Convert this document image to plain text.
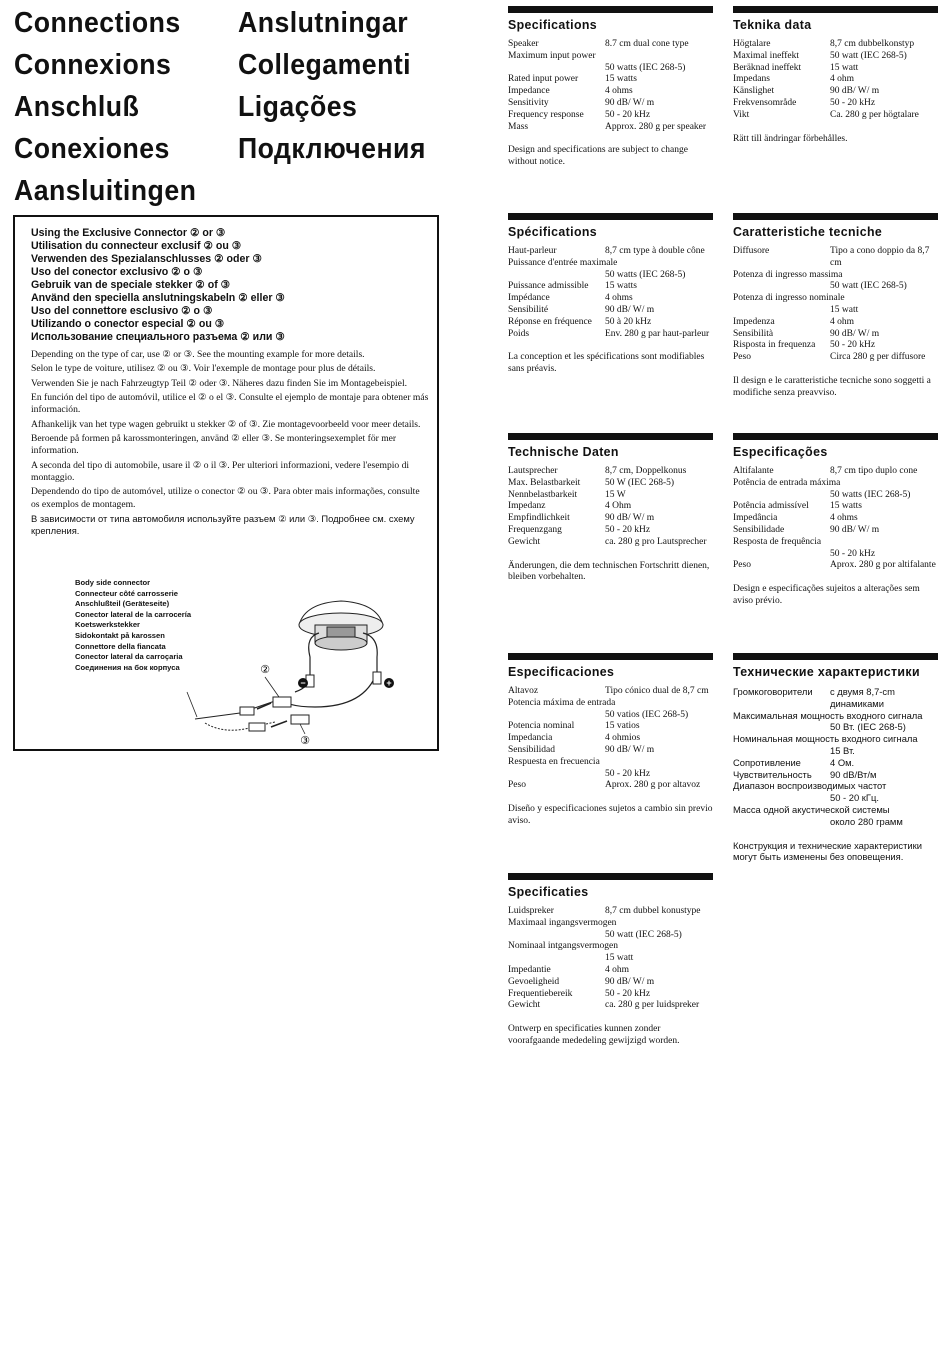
Connections
Connexions
Anschluß
Conexiones
Aansluitingen
Anslutningar
Collegamenti
Ligações
Подключения
Using the Exclusive Connector ② or ③
Utilisation du connecteur exclusif ② ou ③
Verwenden des Spezialanschlusses ② oder ③
Uso del conector exclusivo ② o ③
Gebruik van de speciale stekker ② of ③
Använd den speciella anslutningskabeln ② eller ③
Uso del connettore esclusivo ② o ③
Utilizando o conector especial ② ou ③
Использование специального разъема ② или ③

Depending on the type of car, use ② or ③. See the mounting example for more details.

Selon le type de voiture, utilisez ② ou ③. Voir l'exemple de montage pour plus de détails.

Verwenden Sie je nach Fahrzeugtyp Teil ② oder ③. Näheres dazu finden Sie im Montagebeispiel.

En función del tipo de automóvil, utilice el ② o el ③. Consulte el ejemplo de montaje para obtener más información.

Afhankelijk van het type wagen gebruikt u stekker ② of ③. Zie montagevoorbeeld voor meer details.

Beroende på formen på karossmonteringen, använd ② eller ③. Se monteringsexemplet för mer information.

A seconda del tipo di automobile, usare il ② o il ③. Per ulteriori informazioni, vedere l'esempio di montaggio.

Dependendo do tipo de automóvel, utilize o conector ② ou ③. Para obter mais informações, consulte os exemplos de montagem.

В зависимости от типа автомобиля используйте разъем ② или ③. Подробнее см. схему крепления.

Body side connector
Connecteur côté carrosserie
Anschlußteil (Geräteseite)
Conector lateral de la carrocería
Koetswerkstekker
Sidokontakt på karossen
Connettore della fiancata
Conector lateral da carroçaria
Соединения на бок корпуса
−	+
②
③
Specifications
Speaker	8.7 cm dual cone type
Maximum input power
50 watts (IEC 268-5)
Rated input power	15 watts
Impedance	4 ohms
Sensitivity	90 dB/ W/ m
Frequency response	50 - 20 kHz
Mass	Approx. 280 g per speaker
Design and specifications are subject to change without notice.
Teknika data
Högtalare	8,7 cm dubbelkonstyp
Maximal ineffekt	50 watt (IEC 268-5)
Beräknad ineffekt	15 watt
Impedans	4 ohm
Känslighet	90 dB/ W/ m
Frekvensområde	50 - 20 kHz
Vikt	Ca. 280 g per högtalare
Rätt till ändringar förbehålles.
Spécifications
Haut-parleur	8,7 cm type à double cône
Puissance d'entrée maximale
50 watts (IEC 268-5)
Puissance admissible	15 watts
Impédance	4 ohms
Sensibilité	90 dB/ W/ m
Réponse en fréquence	50 à 20 kHz
Poids	Env. 280 g par haut-parleur
La conception et les spécifications sont modifiables sans préavis.
Caratteristiche tecniche
Diffusore	Tipo a cono doppio da 8,7 cm
Potenza di ingresso massima
50 watt (IEC 268-5)
Potenza di ingresso nominale
15 watt
Impedenza	4 ohm
Sensibilità	90 dB/ W/ m
Risposta in frequenza	50 - 20 kHz
Peso	Circa 280 g per diffusore
Il design e le caratteristiche tecniche sono soggetti a modifiche senza preavviso.
Technische Daten
Lautsprecher	8,7 cm, Doppelkonus
Max. Belastbarkeit	50 W (IEC 268-5)
Nennbelastbarkeit	15 W
Impedanz	4 Ohm
Empfindlichkeit	90 dB/ W/ m
Frequenzgang	50 - 20 kHz
Gewicht	ca. 280 g pro Lautsprecher
Änderungen, die dem technischen Fortschritt dienen, bleiben vorbehalten.
Especificações
Altifalante	8,7 cm tipo duplo cone
Potência de entrada máxima
50 watts (IEC 268-5)
Potência admissível	15 watts
Impedância	4 ohms
Sensibilidade	90 dB/ W/ m
Resposta de frequência
50 - 20 kHz
Peso	Aprox. 280 g por altifalante
Design e especificações sujeitos a alterações sem aviso prévio.
Especificaciones
Altavoz	Tipo cónico dual de 8,7 cm
Potencia máxima de entrada
50 vatios (IEC 268-5)
Potencia nominal	15 vatios
Impedancia	4 ohmios
Sensibilidad	90 dB/ W/ m
Respuesta en frecuencia
50 - 20 kHz
Peso	Aprox. 280 g por altavoz
Diseño y especificaciones sujetos a cambio sin previo aviso.
Технические характеристики
Громкоговорители	с двумя 8,7-cm динамиками
Максимальная мощность входного сигнала
50 Вт. (IEC 268-5)
Номинальная мощность входного сигнала
15 Вт.
Сопротивление	4 Ом.
Чувствительность	90 dB/Вт/м
Диапазон воспроизводимых частот
50 - 20 кГц.
Масса одной акустической системы
около 280 грамм
Конструкция и технические характеристики могут быть изменены без оповещения.
Specificaties
Luidspreker	8,7 cm dubbel konustype
Maximaal ingangsvermogen
50 watt (IEC 268-5)
Nominaal intgangsvermogen
15 watt
Impedantie	4 ohm
Gevoeligheid	90 dB/ W/ m
Frequentiebereik	50 - 20 kHz
Gewicht	ca. 280 g per luidspreker
Ontwerp en specificaties kunnen zonder voorafgaande mededeling gewijzigd worden.
